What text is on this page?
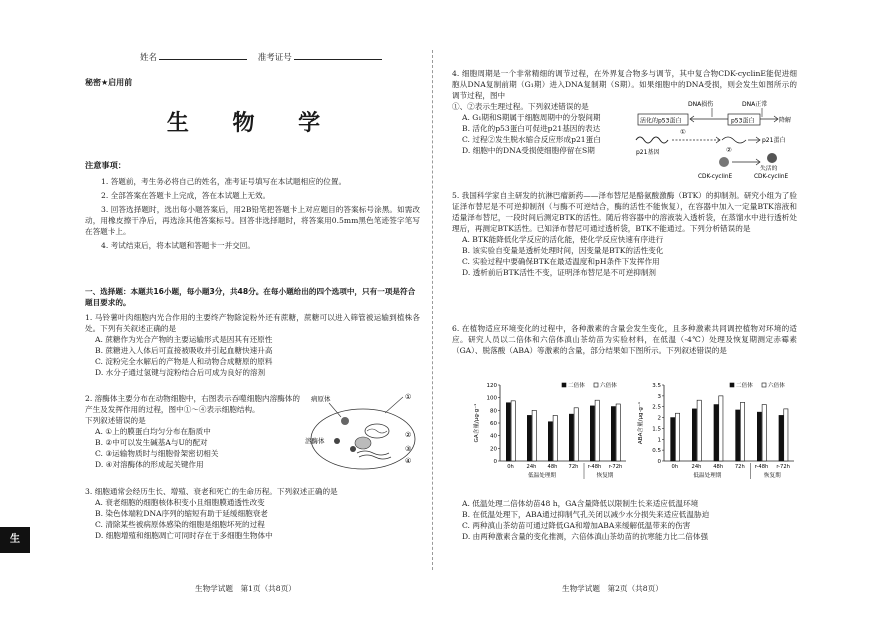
生
姓名	准考证号
秘密★启用前
生 物 学
注意事项：

1. 答题前，考生务必将自己的姓名，准考证号填写在本试题相应的位置。

2. 全部答案在答题卡上完成，答在本试题上无效。

3. 回答选择题时，选出每小题答案后，用2B铅笔把答题卡上对应题目的答案标号涂黑。如需改动，用橡皮擦干净后，再选涂其他答案标号。回答非选择题时，将答案用0.5mm黑色笔迹签字笔写在答题卡上。

4. 考试结束后，将本试题和答题卡一并交回。

一、选择题：本题共16小题，每小题3分，共48分。在每小题给出的四个选项中，只有一项是符合题目要求的。

1. 马铃薯叶肉细胞内光合作用的主要终产物除淀粉外还有蔗糖，蔗糖可以进入筛管被运输到植株各处。下列有关叙述正确的是

A. 蔗糖作为光合产物的主要运输形式是因其有还原性

B. 蔗糖进入人体后可直接被吸收并引起血糖快速升高

C. 淀粉完全水解后的产物是人和动物合成糖原的原料

D. 水分子通过氢键与淀粉结合后可成为良好的溶剂

2. 溶酶体主要分布在动物细胞中，右图表示吞噬细胞内溶酶体的产生及发挥作用的过程，图中①～④表示细胞结构。

下列叙述错误的是

A. ①上的膜蛋白均匀分布在脂质中

B. ②中可以发生碱基A与U的配对

C. ③运输物质时与细胞骨架密切相关

D. ④对溶酶体的形成起关键作用

病原体	①
②
溶酶体
③
④

3. 细胞通常会经历生长、增殖、衰老和死亡的生命历程。下列叙述正确的是

A. 衰老细胞的细胞核体积变小且细胞膜通透性改变

B. 染色体端粒DNA序列的缩短有助于延缓细胞衰老

C. 清除某些被病原体感染的细胞是细胞坏死的过程

D. 细胞增殖和细胞凋亡可同时存在于多细胞生物体中

生物学试题　第1页（共8页）

4. 细胞周期是一个非常精细的调节过程，在外界复合物多与调节，其中复合物CDK-cyclinE能促进细胞从DNA复制前期（G₁期）进入DNA复制期（S期）。如果细胞中的DNA受损，则会发生如图所示的调节过程，图中

①、②表示生理过程。下列叙述错误的是

A. G₁期和S期属于细胞周期中的分裂间期

B. 活化的p53蛋白可促进p21基因的表达

C. 过程②发生脱水缩合反应形成p21蛋白

D. 细胞中的DNA受损使细胞停留在S期

DNA损伤	DNA正常
活化的p53蛋白	p53蛋白	降解
p21基因
①
②
p21蛋白
CDK-cyclinE
失活的
CDK-cyclinE

5. 我国科学家自主研发的抗淋巴瘤新药——泽布替尼是酪氨酸激酶（BTK）的抑制剂。研究小组为了验证泽布替尼是不可逆抑制剂（与酶不可逆结合，酶的活性不能恢复），在容器中加入一定量BTK溶液和适量泽布替尼，一段时间后测定BTK的活性。随后将容器中的溶液装入透析袋，在蒸馏水中进行透析处理后，再测定BTK活性。已知泽布替尼可通过透析袋，BTK不能通过。下列分析错误的是

A. BTK能降低化学反应的活化能，使化学反应快速有序进行

B. 该实验自变量是透析处理时间，因变量是BTK的活性变化

C. 实验过程中要确保BTK在最适温度和pH条件下发挥作用

D. 透析前后BTK活性不变，证明泽布替尼是不可逆抑制剂

6. 在植物适应环境变化的过程中，各种激素的含量会发生变化，且多种激素共同调控植物对环境的适应。研究人员以二倍体和六倍体滇山茶幼苗为实验材料，在低温（-4℃）处理及恢复期测定赤霉素（GA）、脱落酸（ABA）等激素的含量，部分结果如下图所示。下列叙述错误的是

0
20
40
60
80
100
120
GA含量/μg·g⁻¹
0h 24h 48h 72h r-48h r-72h
低温处理期	恢复期
二倍体	六倍体
0
0.5
1
1.5
2
2.5
3
3.5
ABA含量/μg·g⁻¹
0h	24h 48h 72h r-48h r-72h
低温处理期	恢复期
二倍体	六倍体

A. 低温处理二倍体幼苗48 h，GA含量降低以限制生长来适应低温环境

B. 在低温处理下，ABA通过抑制气孔关闭以减少水分损失来适应低温胁迫

C. 两种滇山茶幼苗可通过降低GA和增加ABA来缓解低温带来的伤害

D. 由两种激素含量的变化推测，六倍体滇山茶幼苗的抗寒能力比二倍体强

生物学试题　第2页（共8页）
